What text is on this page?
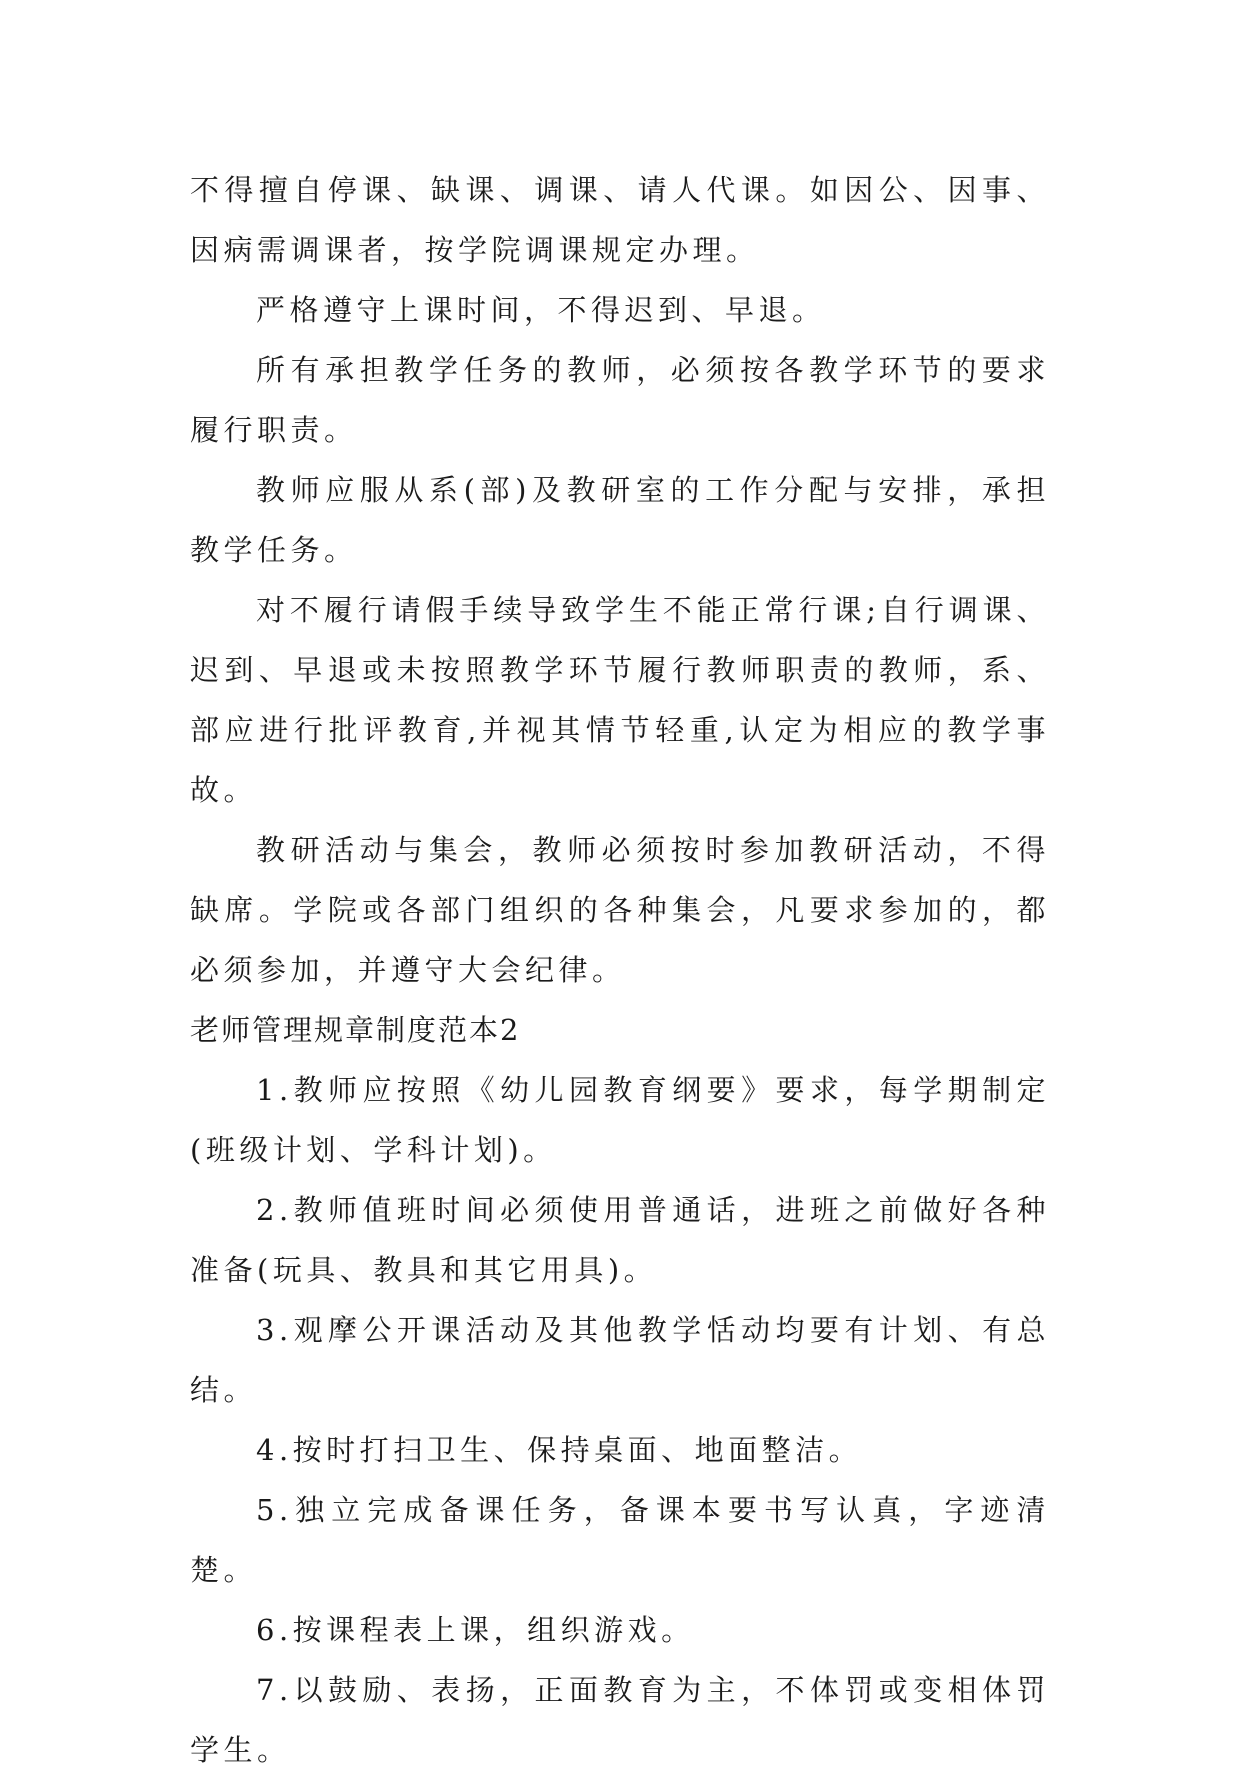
不得擅自停课、缺课、调课、请人代课。如因公、因事、因病需调课者，按学院调课规定办理。

严格遵守上课时间，不得迟到、早退。

所有承担教学任务的教师，必须按各教学环节的要求履行职责。

教师应服从系(部)及教研室的工作分配与安排，承担教学任务。

对不履行请假手续导致学生不能正常行课;自行调课、迟到、早退或未按照教学环节履行教师职责的教师，系、部应进行批评教育,并视其情节轻重,认定为相应的教学事故。

教研活动与集会，教师必须按时参加教研活动，不得缺席。学院或各部门组织的各种集会，凡要求参加的，都必须参加，并遵守大会纪律。

老师管理规章制度范本2

1.教师应按照《幼儿园教育纲要》要求，每学期制定(班级计划、学科计划)。

2.教师值班时间必须使用普通话，进班之前做好各种准备(玩具、教具和其它用具)。

3.观摩公开课活动及其他教学恬动均要有计划、有总结。

4.按时打扫卫生、保持桌面、地面整洁。

5.独立完成备课任务，备课本要书写认真，字迹清楚。

6.按课程表上课，组织游戏。

7.以鼓励、表扬，正面教育为主，不体罚或变相体罚学生。
